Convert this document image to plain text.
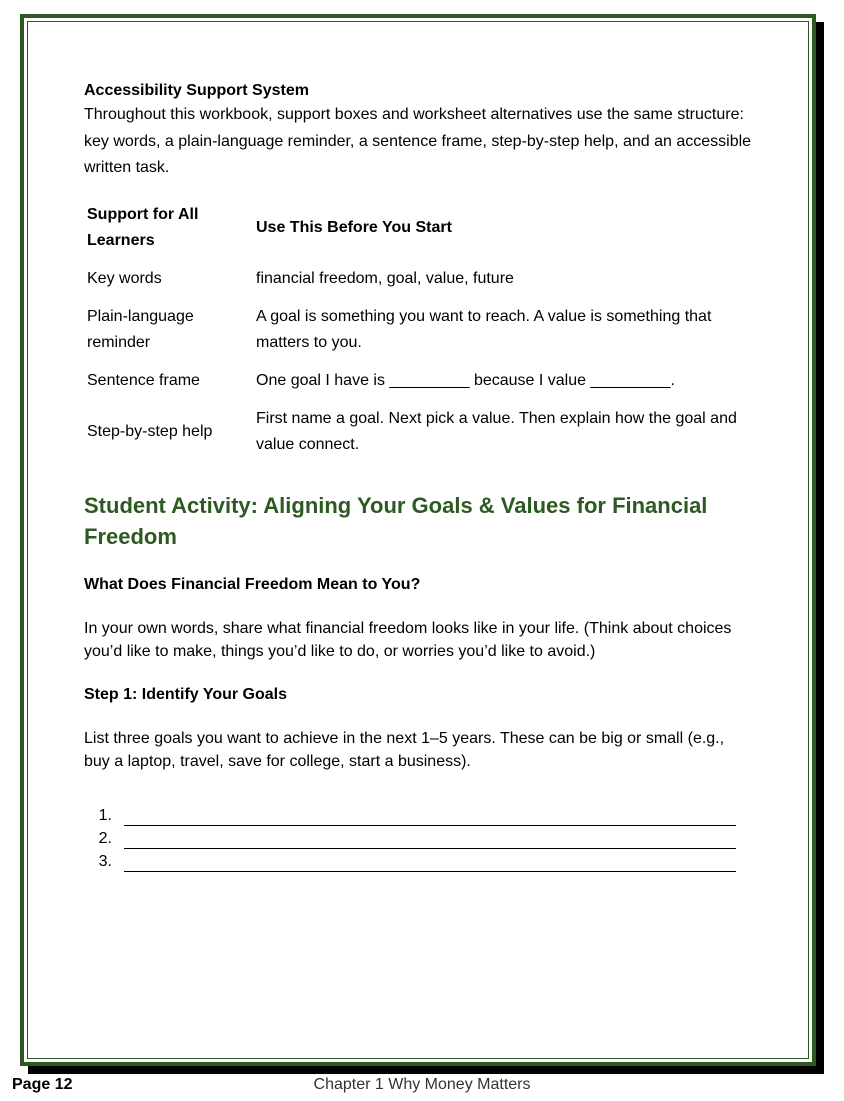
Accessibility Support System

Throughout this workbook, support boxes and worksheet alternatives use the same structure: key words, a plain-language reminder, a sentence frame, step-by-step help, and an accessible written task.

Support for All Learners	Use This Before You Start
Key words	financial freedom, goal, value, future
Plain-language reminder	A goal is something you want to reach. A value is something that matters to you.
Sentence frame	One goal I have is _________ because I value _________.
Step-by-step help	First name a goal. Next pick a value. Then explain how the goal and value connect.
Student Activity: Aligning Your Goals & Values for Financial Freedom

What Does Financial Freedom Mean to You?

In your own words, share what financial freedom looks like in your life. (Think about choices you’d like to make, things you’d like to do, or worries you’d like to avoid.)

Step 1: Identify Your Goals

List three goals you want to achieve in the next 1–5 years. These can be big or small (e.g., buy a laptop, travel, save for college, start a business).

1.
2.
3.
Chapter 1 Why Money Matters
Page 12
